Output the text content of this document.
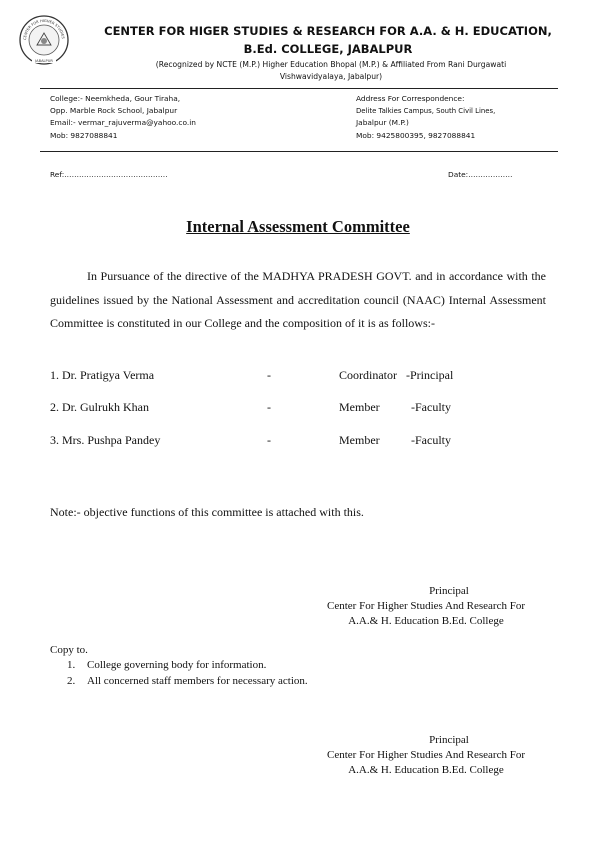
CENTER FOR HIGHER STUDIES
JABALPUR
CENTER FOR HIGER STUDIES & RESEARCH FOR A.A. & H. EDUCATION,
B.Ed. COLLEGE, JABALPUR
(Recognized by NCTE (M.P.) Higher Education Bhopal (M.P.) & Affiliated From Rani Durgawati
Vishwavidyalaya, Jabalpur)
College:- Neemkheda, Gour Tiraha,
Opp. Marble Rock School, Jabalpur
Email:- vermar_rajuverma@yahoo.co.in
Mob: 9827088841
Address For Correspondence:
Delite Talkies Campus, South Civil Lines,
Jabalpur (M.P.)
Mob: 9425800395, 9827088841
Ref:……………………………………	Date:………………
Internal Assessment Committee
In Pursuance of the directive of the MADHYA PRADESH GOVT. and in accordance with the guidelines issued by the National Assessment and accreditation council (NAAC) Internal Assessment Committee is constituted in our College and the composition of it is as follows:-
1. Dr. Pratigya Verma	-	Coordinator -Principal
2. Dr. Gulrukh Khan	-	Member	-Faculty
3. Mrs. Pushpa Pandey	-	Member	-Faculty
Note:- objective functions of this committee is attached with this.
Principal
Center For Higher Studies And Research For
A.A.& H. Education B.Ed. College
Copy to.
1. College governing body for information.
2. All concerned staff members for necessary action.
Principal
Center For Higher Studies And Research For
A.A.& H. Education B.Ed. College
